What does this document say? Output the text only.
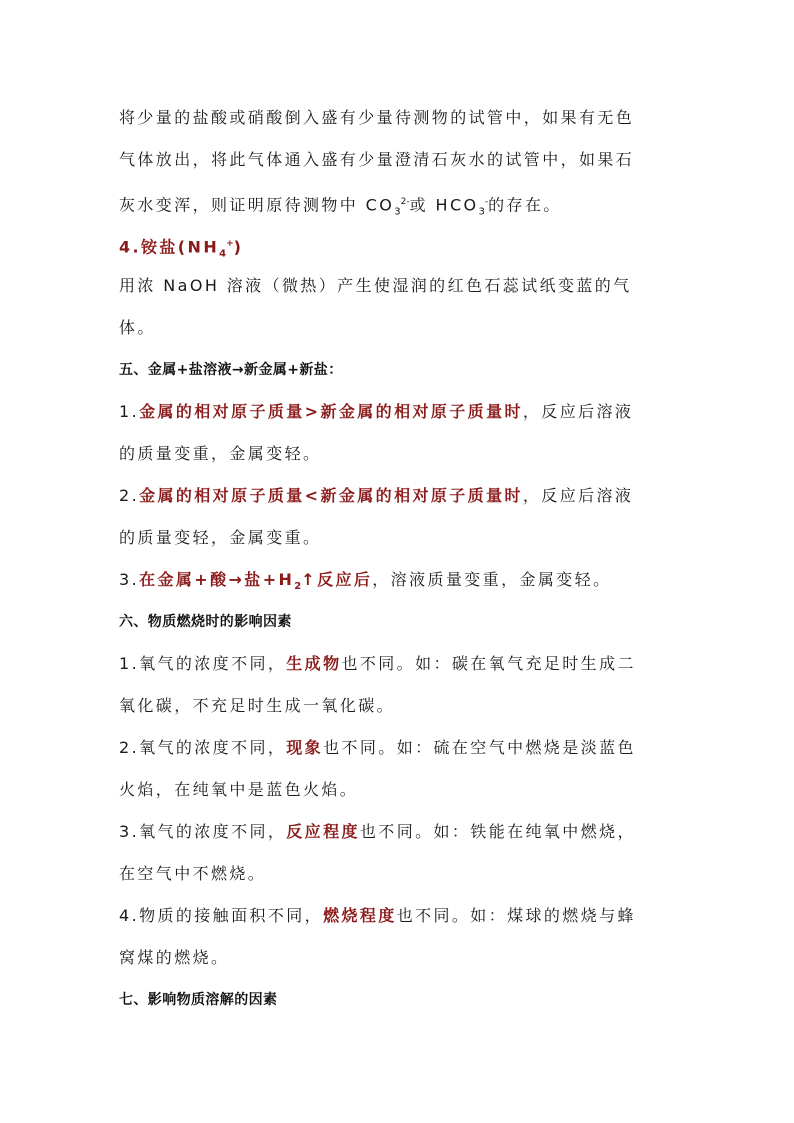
将少量的盐酸或硝酸倒入盛有少量待测物的试管中，如果有无色
气体放出，将此气体通入盛有少量澄清石灰水的试管中，如果石
灰水变浑，则证明原待测物中 $CO_3^{2-}$或 $HCO_3^-$的存在。
4.铵盐$(NH_4^+)$
用浓 NaOH 溶液（微热）产生使湿润的红色石蕊试纸变蓝的气
体。
五、金属+盐溶液→新金属+新盐：
1.金属的相对原子质量>新金属的相对原子质量时，反应后溶液
的质量变重，金属变轻。
2.金属的相对原子质量<新金属的相对原子质量时，反应后溶液
的质量变轻，金属变重。
3.在金属+酸→盐$+H_2↑$反应后，溶液质量变重，金属变轻。
六、物质燃烧时的影响因素
1.氧气的浓度不同，生成物也不同。如：碳在氧气充足时生成二
氧化碳，不充足时生成一氧化碳。
2.氧气的浓度不同，现象也不同。如：硫在空气中燃烧是淡蓝色
火焰，在纯氧中是蓝色火焰。
3.氧气的浓度不同，反应程度也不同。如：铁能在纯氧中燃烧，
在空气中不燃烧。
4.物质的接触面积不同，燃烧程度也不同。如：煤球的燃烧与蜂
窝煤的燃烧。
七、影响物质溶解的因素
